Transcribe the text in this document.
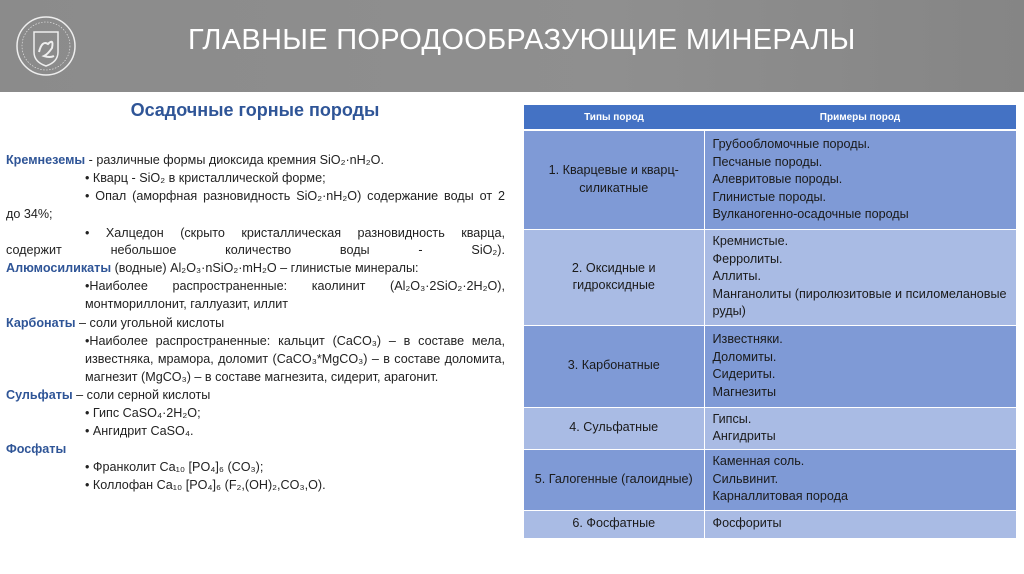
ГЛАВНЫЕ ПОРОДООБРАЗУЮЩИЕ МИНЕРАЛЫ
Осадочные горные породы
Кремнеземы - различные формы диоксида кремния SiO₂·nH₂O.
• Кварц - SiO₂ в кристаллической форме;
• Опал (аморфная разновидность SiO₂·nH₂O) содержание воды от 2
до 34%;
• Халцедон (скрыто кристаллическая разновидность кварца,
содержит небольшое количество воды - SiO₂).
Алюмосиликаты (водные) Al₂O₃·nSiO₂·mH₂O – глинистые минералы:
•Наиболее распространенные: каолинит (Al₂O₃·2SiO₂·2H₂O),
монтмориллонит, галлуазит, иллит
Карбонаты – соли угольной кислоты
•Наиболее распространенные: кальцит (CaCO₃) – в составе мела,
известняка, мрамора, доломит (CaCO₃*MgCO₃) – в составе доломита,
магнезит (MgCO₃) – в составе магнезита, сидерит, арагонит.
Сульфаты – соли серной кислоты
• Гипс CaSO₄·2H₂O;
• Ангидрит CaSO₄.
Фосфаты
• Франколит Ca₁₀ [PO₄]₆ (CO₃);
• Коллофан Ca₁₀ [PO₄]₆ (F₂,(OH)₂,CO₃,O).
Типы пород	Примеры пород
1. Кварцевые и кварц-силикатные	Грубообломочные породы.
Песчаные породы.
Алевритовые породы.
Глинистые породы.
Вулканогенно-осадочные породы
2. Оксидные и гидроксидные	Кремнистые.
Ферролиты.
Аллиты.
Манганолиты (пиролюзитовые и псиломелановые руды)
3. Карбонатные	Известняки.
Доломиты.
Сидериты.
Магнезиты
4. Сульфатные	Гипсы.
Ангидриты
5. Галогенные (галоидные)	Каменная соль.
Сильвинит.
Карналлитовая порода
6. Фосфатные	Фосфориты
